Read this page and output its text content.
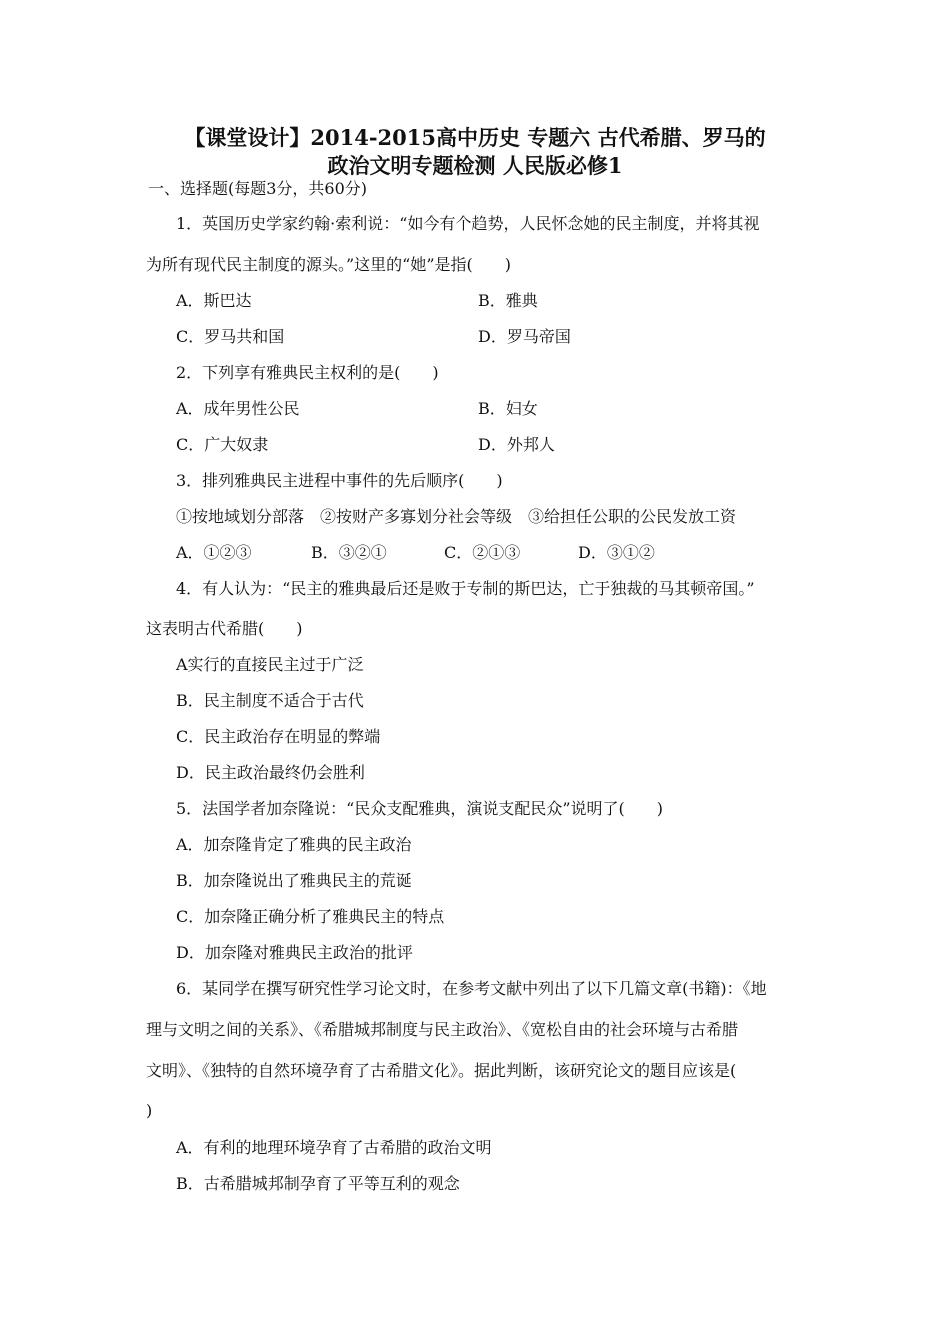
【课堂设计】2014-2015高中历史 专题六 古代希腊、罗马的
政治文明专题检测 人民版必修1
一、选择题(每题3分，共60分)
1．英国历史学家约翰·索利说：“如今有个趋势，人民怀念她的民主制度，并将其视
为所有现代民主制度的源头。”这里的“她”是指(　　)
A．斯巴达	B．雅典
C．罗马共和国	D．罗马帝国
2．下列享有雅典民主权利的是(　　)
A．成年男性公民	B．妇女
C．广大奴隶	D．外邦人
3．排列雅典民主进程中事件的先后顺序(　　)
①按地域划分部落　②按财产多寡划分社会等级　③给担任公职的公民发放工资
A．①②③	B．③②①	C．②①③	D．③①②
4．有人认为：“民主的雅典最后还是败于专制的斯巴达，亡于独裁的马其顿帝国。”
这表明古代希腊(　　)
A实行的直接民主过于广泛
B．民主制度不适合于古代
C．民主政治存在明显的弊端
D．民主政治最终仍会胜利
5．法国学者加奈隆说：“民众支配雅典，演说支配民众”说明了(　　)
A．加奈隆肯定了雅典的民主政治
B．加奈隆说出了雅典民主的荒诞
C．加奈隆正确分析了雅典民主的特点
D．加奈隆对雅典民主政治的批评
6．某同学在撰写研究性学习论文时，在参考文献中列出了以下几篇文章(书籍)：《地
理与文明之间的关系》、《希腊城邦制度与民主政治》、《宽松自由的社会环境与古希腊
文明》、《独特的自然环境孕育了古希腊文化》。据此判断，该研究论文的题目应该是(
)
A．有利的地理环境孕育了古希腊的政治文明
B．古希腊城邦制孕育了平等互利的观念
